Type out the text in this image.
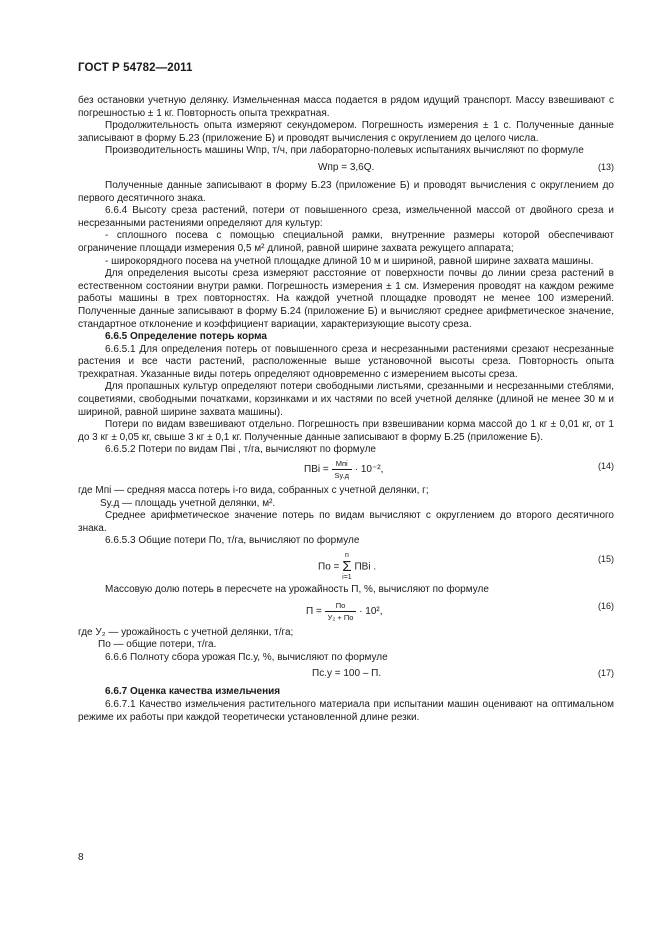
ГОСТ Р 54782—2011

без остановки учетную делянку. Измельченная масса подается в рядом идущий транспорт. Массу взвешивают с погрешностью ± 1 кг. Повторность опыта трехкратная.

Продолжительность опыта измеряют секундомером. Погрешность измерения ± 1 с. Полученные данные записывают в форму Б.23 (приложение Б) и проводят вычисления с округлением до целого числа.

Производительность машины Wпр, т/ч, при лабораторно-полевых испытаниях вычисляют по формуле

Wпр = 3,6Q.	(13)

Полученные данные записывают в форму Б.23 (приложение Б) и проводят вычисления с округлением до первого десятичного знака.

6.6.4 Высоту среза растений, потери от повышенного среза, измельченной массой от двойного среза и несрезанными растениями определяют для культур:

- сплошного посева с помощью специальной рамки, внутренние размеры которой обеспечивают ограничение площади измерения 0,5 м² длиной, равной ширине захвата режущего аппарата;

- широкорядного посева на учетной площадке длиной 10 м и шириной, равной ширине захвата машины.

Для определения высоты среза измеряют расстояние от поверхности почвы до линии среза растений в естественном состоянии внутри рамки. Погрешность измерения ± 1 см. Измерения проводят на каждом режиме работы машины в трех повторностях. На каждой учетной площадке проводят не менее 100 измерений. Полученные данные записывают в форму Б.24 (приложение Б) и вычисляют среднее арифметическое значение, стандартное отклонение и коэффициент вариации, характеризующие высоту среза.

6.6.5 Определение потерь корма

6.6.5.1 Для определения потерь от повышенного среза и несрезанными растениями срезают несрезанные растения и все части растений, расположенные выше установочной высоты среза. Повторность опыта трехкратная. Указанные виды потерь определяют одновременно с измерением высоты среза.

Для пропашных культур определяют потери свободными листьями, срезанными и несрезанными стеблями, соцветиями, свободными початками, корзинками и их частями по всей учетной делянке (длиной не менее 30 м и шириной, равной ширине захвата машины).

Потери по видам взвешивают отдельно. Погрешность при взвешивании корма массой до 1 кг ± 0,01 кг, от 1 до 3 кг ± 0,05 кг, свыше 3 кг ± 0,1 кг. Полученные данные записывают в форму Б.25 (приложение Б).

6.6.5.2 Потери по видам Пвi , т/га, вычисляют по формуле

ПВi = $\frac{\text{Mпi}}{Sу.д} \cdot 10^{-2}$,	(14)

где Mпi — средняя масса потерь i-го вида, собранных с учетной делянки, г;

Sу.д — площадь учетной делянки, м².

Среднее арифметическое значение потерь по видам вычисляют с округлением до второго десятичного знака.

6.6.5.3 Общие потери По, т/га, вычисляют по формуле

По = n
Σ
i=1 ПВi .
(15)

Массовую долю потерь в пересчете на урожайность П, %, вычисляют по формуле

$П = \frac{По}{\text{У₂ + По}} \cdot 10^2$,
(16)

где У₂ — урожайность с учетной делянки, т/га;

По — общие потери, т/га.

6.6.6 Полноту сбора урожая Пс.у, %, вычисляют по формуле

Пс.у = 100 – П.	(17)

6.6.7 Оценка качества измельчения

6.6.7.1 Качество измельчения растительного материала при испытании машин оценивают на оптимальном режиме их работы при каждой теоретически установленной длине резки.

8
